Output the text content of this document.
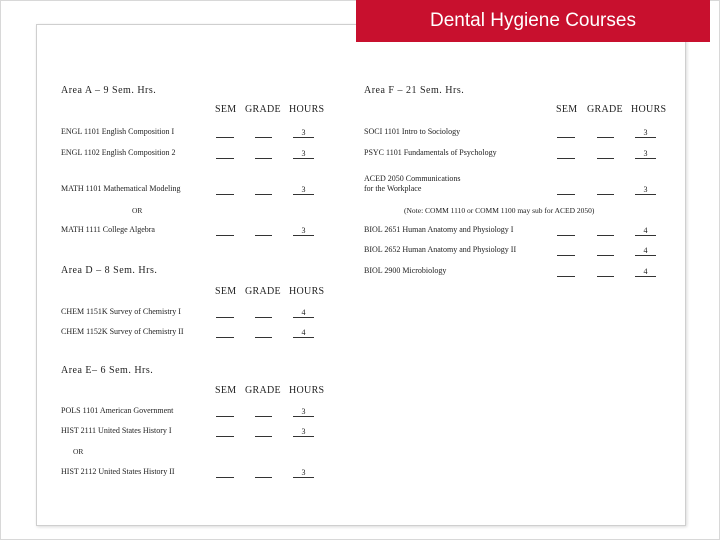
Dental Hygiene Courses
Area A – 9 Sem. Hrs.
SEM GRADE HOURS
ENGL 1101 English Composition I	3
ENGL 1102 English Composition 2	3
MATH 1101 Mathematical Modeling	3
OR
MATH 1111 College Algebra	3
Area D – 8 Sem. Hrs.
SEM GRADE HOURS
CHEM 1151K Survey of Chemistry I	4
CHEM 1152K Survey of Chemistry II	4
Area E– 6 Sem. Hrs.
SEM GRADE HOURS
POLS 1101 American Government	3
HIST 2111 United States History I	3
OR
HIST 2112 United States History II	3
Area F – 21 Sem. Hrs.
SEM GRADE HOURS
SOCI 1101 Intro to Sociology	3
PSYC 1101 Fundamentals of Psychology	3
ACED 2050 Communications
for the Workplace	3
(Note: COMM 1110 or COMM 1100 may sub for ACED 2050)
BIOL 2651 Human Anatomy and Physiology I	4
BIOL 2652 Human Anatomy and Physiology II	4
BIOL 2900 Microbiology	4
